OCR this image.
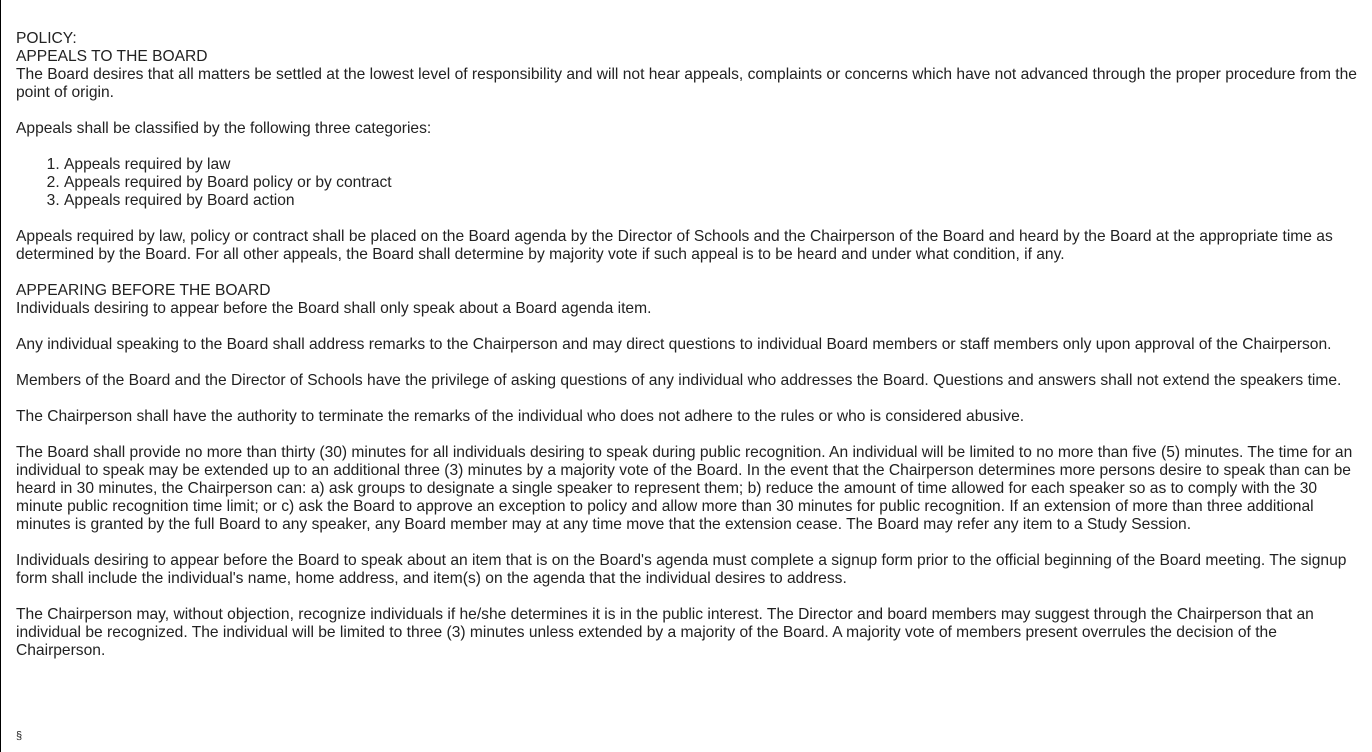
POLICY:

APPEALS TO THE BOARD

The Board desires that all matters be settled at the lowest level of responsibility and will not hear appeals, complaints or concerns which have not advanced through the proper procedure from the point of origin.

Appeals shall be classified by the following three categories:

1. Appeals required by law
2. Appeals required by Board policy or by contract
3. Appeals required by Board action

Appeals required by law, policy or contract shall be placed on the Board agenda by the Director of Schools and the Chairperson of the Board and heard by the Board at the appropriate time as determined by the Board. For all other appeals, the Board shall determine by majority vote if such appeal is to be heard and under what condition, if any.

APPEARING BEFORE THE BOARD

Individuals desiring to appear before the Board shall only speak about a Board agenda item.

Any individual speaking to the Board shall address remarks to the Chairperson and may direct questions to individual Board members or staff members only upon approval of the Chairperson.

Members of the Board and the Director of Schools have the privilege of asking questions of any individual who addresses the Board. Questions and answers shall not extend the speakers time.

The Chairperson shall have the authority to terminate the remarks of the individual who does not adhere to the rules or who is considered abusive.

The Board shall provide no more than thirty (30) minutes for all individuals desiring to speak during public recognition. An individual will be limited to no more than five (5) minutes. The time for an individual to speak may be extended up to an additional three (3) minutes by a majority vote of the Board. In the event that the Chairperson determines more persons desire to speak than can be heard in 30 minutes, the Chairperson can: a) ask groups to designate a single speaker to represent them; b) reduce the amount of time allowed for each speaker so as to comply with the 30 minute public recognition time limit; or c) ask the Board to approve an exception to policy and allow more than 30 minutes for public recognition. If an extension of more than three additional minutes is granted by the full Board to any speaker, any Board member may at any time move that the extension cease. The Board may refer any item to a Study Session.

Individuals desiring to appear before the Board to speak about an item that is on the Board's agenda must complete a signup form prior to the official beginning of the Board meeting. The signup form shall include the individual's name, home address, and item(s) on the agenda that the individual desires to address.

The Chairperson may, without objection, recognize individuals if he/she determines it is in the public interest. The Director and board members may suggest through the Chairperson that an individual be recognized. The individual will be limited to three (3) minutes unless extended by a majority of the Board. A majority vote of members present overrules the decision of the Chairperson.

§
